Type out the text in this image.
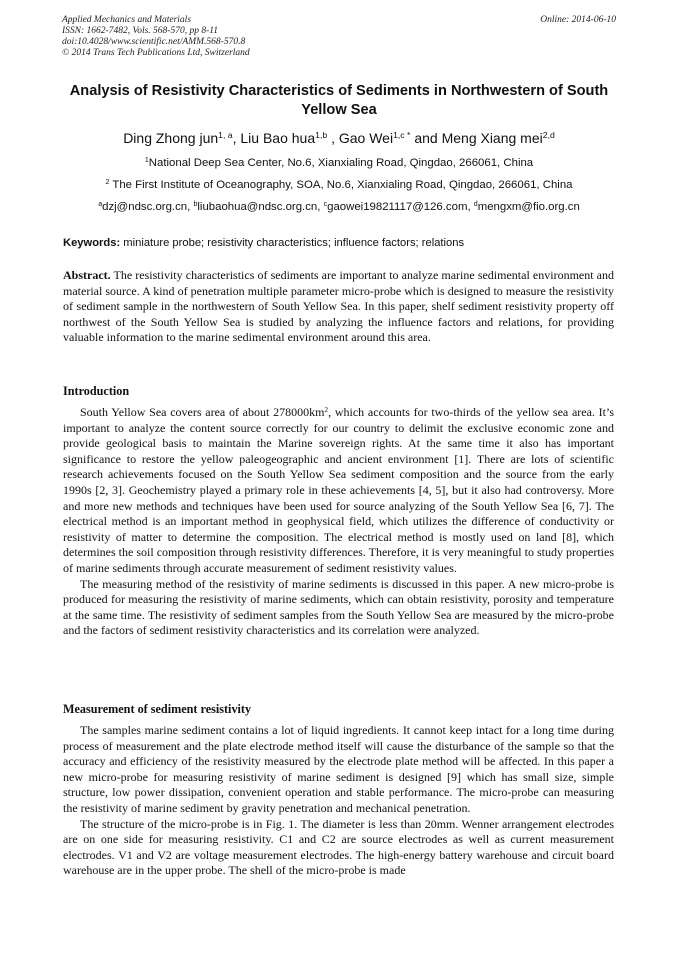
Applied Mechanics and Materials
ISSN: 1662-7482, Vols. 568-570, pp 8-11
doi:10.4028/www.scientific.net/AMM.568-570.8
© 2014 Trans Tech Publications Ltd, Switzerland
Online: 2014-06-10
Analysis of Resistivity Characteristics of Sediments in Northwestern of South Yellow Sea
Ding Zhong jun$^{1, a}$, Liu Bao hua$^{1,b}$ , Gao Wei$^{1,c *}$ and Meng Xiang mei$^{2,d}$
$^1$National Deep Sea Center, No.6, Xianxialing Road, Qingdao, 266061, China
$^2$ The First Institute of Oceanography, SOA, No.6, Xianxialing Road, Qingdao, 266061, China
$^a$dzj@ndsc.org.cn, $^b$liubaohua@ndsc.org.cn, $^c$gaowei19821117@126.com, $^d$mengxm@fio.org.cn
Keywords: miniature probe; resistivity characteristics; influence factors; relations
Abstract. The resistivity characteristics of sediments are important to analyze marine sedimental environment and material source. A kind of penetration multiple parameter micro-probe which is designed to measure the resistivity of sediment sample in the northwestern of South Yellow Sea. In this paper, shelf sediment resistivity property off northwest of the South Yellow Sea is studied by analyzing the influence factors and relations, for providing valuable information to the marine sedimental environment around this area.
Introduction

South Yellow Sea covers area of about $278000km^2$, which accounts for two-thirds of the yellow sea area. It’s important to analyze the content source correctly for our country to delimit the exclusive economic zone and provide geological basis to maintain the Marine sovereign rights. At the same time it also has important significance to restore the yellow paleogeographic and ancient environment [1]. There are lots of scientific research achievements focused on the South Yellow Sea sediment composition and the source from the early 1990s [2, 3]. Geochemistry played a primary role in these achievements [4, 5], but it also had controversy. More and more new methods and techniques have been used for source analyzing of the South Yellow Sea [6, 7]. The electrical method is an important method in geophysical field, which utilizes the difference of conductivity or resistivity of matter to determine the composition. The electrical method is mostly used on land [8], which determines the soil composition through resistivity differences. Therefore, it is very meaningful to study properties of marine sediments through accurate measurement of sediment resistivity values.

The measuring method of the resistivity of marine sediments is discussed in this paper. A new micro-probe is produced for measuring the resistivity of marine sediments, which can obtain resistivity, porosity and temperature at the same time. The resistivity of sediment samples from the South Yellow Sea are measured by the micro-probe and the factors of sediment resistivity characteristics and its correlation were analyzed.

Measurement of sediment resistivity

The samples marine sediment contains a lot of liquid ingredients. It cannot keep intact for a long time during process of measurement and the plate electrode method itself will cause the disturbance of the sample so that the accuracy and efficiency of the resistivity measured by the electrode plate method will be affected. In this paper a new micro-probe for measuring resistivity of marine sediment is designed [9] which has small size, simple structure, low power dissipation, convenient operation and stable performance. The micro-probe can measuring the resistivity of marine sediment by gravity penetration and mechanical penetration.

The structure of the micro-probe is in Fig. 1. The diameter is less than 20mm. Wenner arrangement electrodes are on one side for measuring resistivity. C1 and C2 are source electrodes as well as current measurement electrodes. V1 and V2 are voltage measurement electrodes. The high-energy battery warehouse and circuit board warehouse are in the upper probe. The shell of the micro-probe is made
